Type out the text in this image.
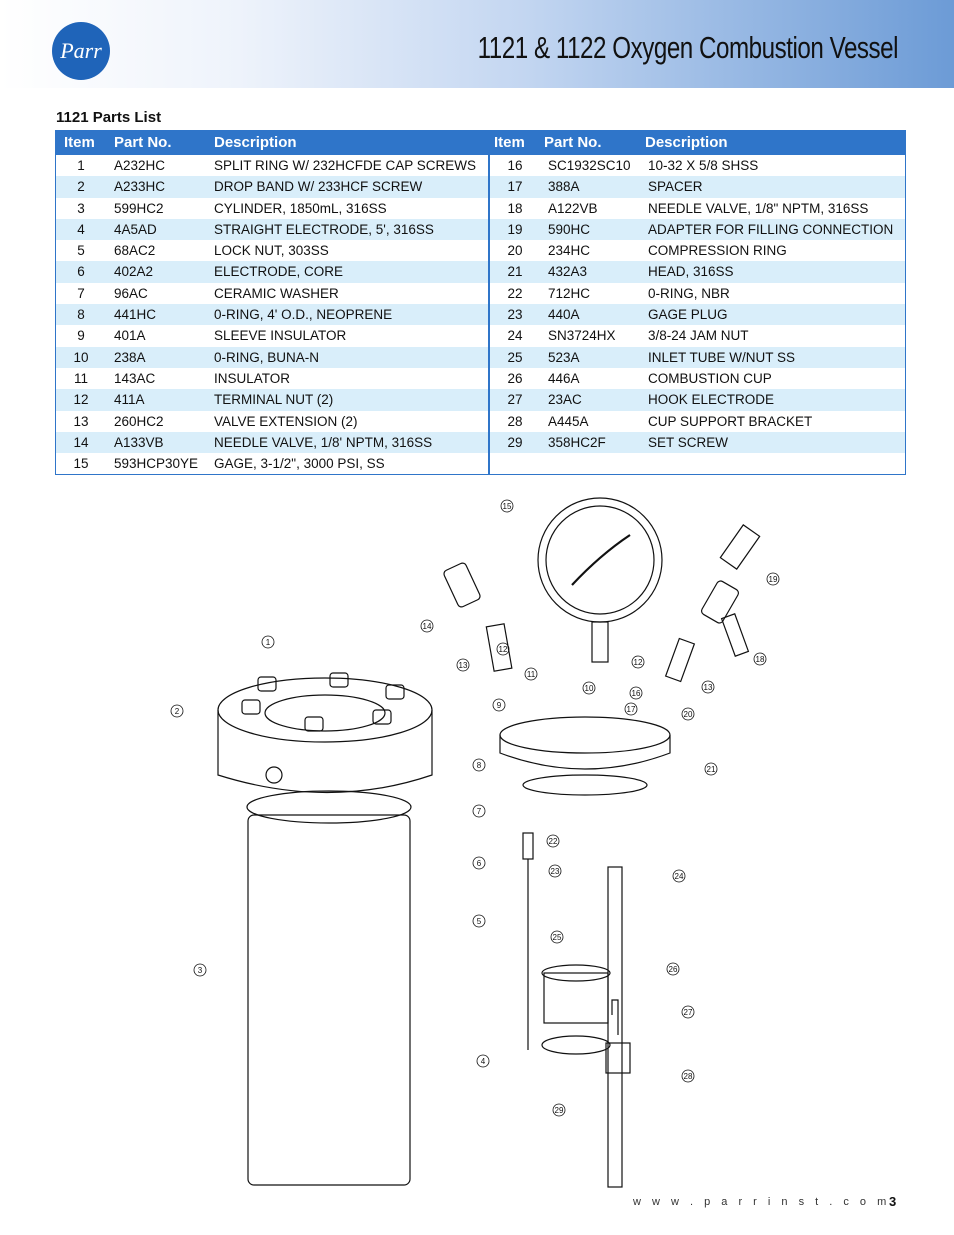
Parr	1121 & 1122 Oxygen Combustion Vessel
1121 Parts List
Item Part No.	Description	Item Part No.	Description
1	A232HC	SPLIT RING W/ 232HCFDE CAP SCREWS
2	A233HC	DROP BAND W/ 233HCF SCREW
3	599HC2	CYLINDER, 1850mL, 316SS
4	4A5AD	STRAIGHT ELECTRODE, 5', 316SS
5	68AC2	LOCK NUT, 303SS
6	402A2	ELECTRODE, CORE
7	96AC	CERAMIC WASHER
8	441HC	0-RING, 4' O.D., NEOPRENE
9	401A	SLEEVE INSULATOR
10	238A	0-RING, BUNA-N
11	143AC	INSULATOR
12	411A	TERMINAL NUT (2)
13	260HC2	VALVE EXTENSION (2)
14	A133VB	NEEDLE VALVE, 1/8' NPTM, 316SS
15	593HCP30YE GAGE, 3-1/2", 3000 PSI, SS
16	SC1932SC10 10-32 X 5/8 SHSS
17	388A	SPACER
18	A122VB	NEEDLE VALVE, 1/8" NPTM, 316SS
19	590HC	ADAPTER FOR FILLING CONNECTION
20	234HC	COMPRESSION RING
21	432A3	HEAD, 316SS
22	712HC	0-RING, NBR
23	440A	GAGE PLUG
24	SN3724HX 3/8-24 JAM NUT
25	523A	INLET TUBE W/NUT SS
26	446A	COMBUSTION CUP
27	23AC	HOOK ELECTRODE
28	A445A	CUP SUPPORT BRACKET
29	358HC2F	SET SCREW
1
2
3
4
5
6
7
8
9
10
11
12
12
13
13
14
15
16
17
18
19
20
21
22
23
24
25
26
27
28
29
w w w . p a r r i n s t . c o m
3
